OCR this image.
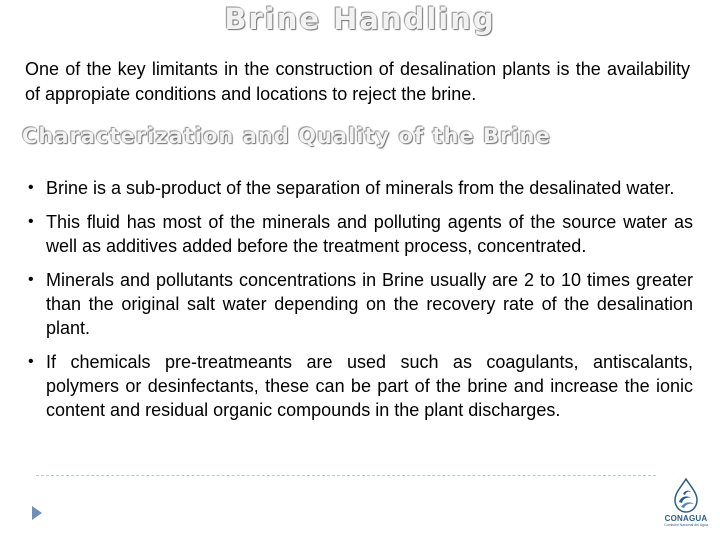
Brine Handling

One of the key limitants in the construction of desalination plants is the availability of appropiate conditions and locations to reject the brine.

Characterization and Quality of the Brine
• Brine is a sub-product of the separation of minerals from the desalinated water.
• This fluid has most of the minerals and polluting agents of the source water as well as additives added before the treatment process, concentrated.
• Minerals and pollutants concentrations in Brine usually are 2 to 10 times greater than the original salt water depending on the recovery rate of the desalination plant.
• If chemicals pre-treatmeants are used such as coagulants, antiscalants, polymers or desinfectants, these can be part of the brine and increase the ionic content and residual organic compounds in the plant discharges.
CONAGUA
Comisión Nacional del Agua
